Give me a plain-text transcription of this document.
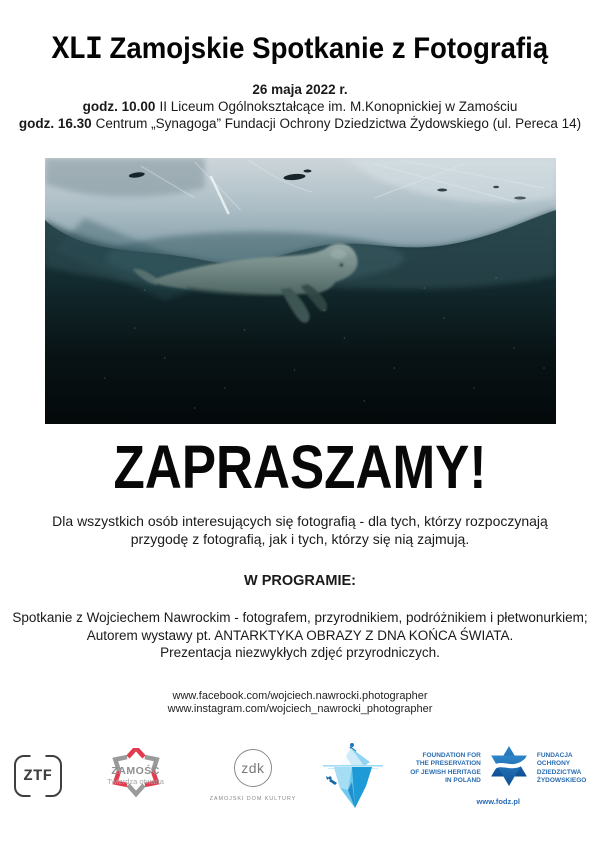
XLI Zamojskie Spotkanie z Fotografią
26 maja 2022 r.
godz. 10.00 II Liceum Ogólnokształcące im. M.Konopnickiej w Zamościu
godz. 16.30 Centrum „Synagoga” Fundacji Ochrony Dziedzictwa Żydowskiego (ul. Pereca 14)
ZAPRASZAMY!
Dla wszystkich osób interesujących się fotografią - dla tych, którzy rozpoczynają przygodę z fotografią, jak i tych, którzy się nią zajmują.
W PROGRAMIE:
Spotkanie z Wojciechem Nawrockim - fotografem, przyrodnikiem, podróżnikiem i płetwonurkiem;
Autorem wystawy pt. ANTARKTYKA OBRAZY Z DNA KOŃCA ŚWIATA.
Prezentacja niezwykłych zdjęć przyrodniczych.
www.facebook.com/wojciech.nawrocki.photographer
www.instagram.com/wojciech_nawrocki_photographer
ZTF	ZAMOŚĆ
Twierdza otwarta
zdk
ZAMOJSKI DOM KULTURY
FOUNDATION FOR
THE PRESERVATION
OF JEWISH HERITAGE
IN POLAND
FUNDACJA
OCHRONY
DZIEDZICTWA
ŻYDOWSKIEGO
www.fodz.pl
